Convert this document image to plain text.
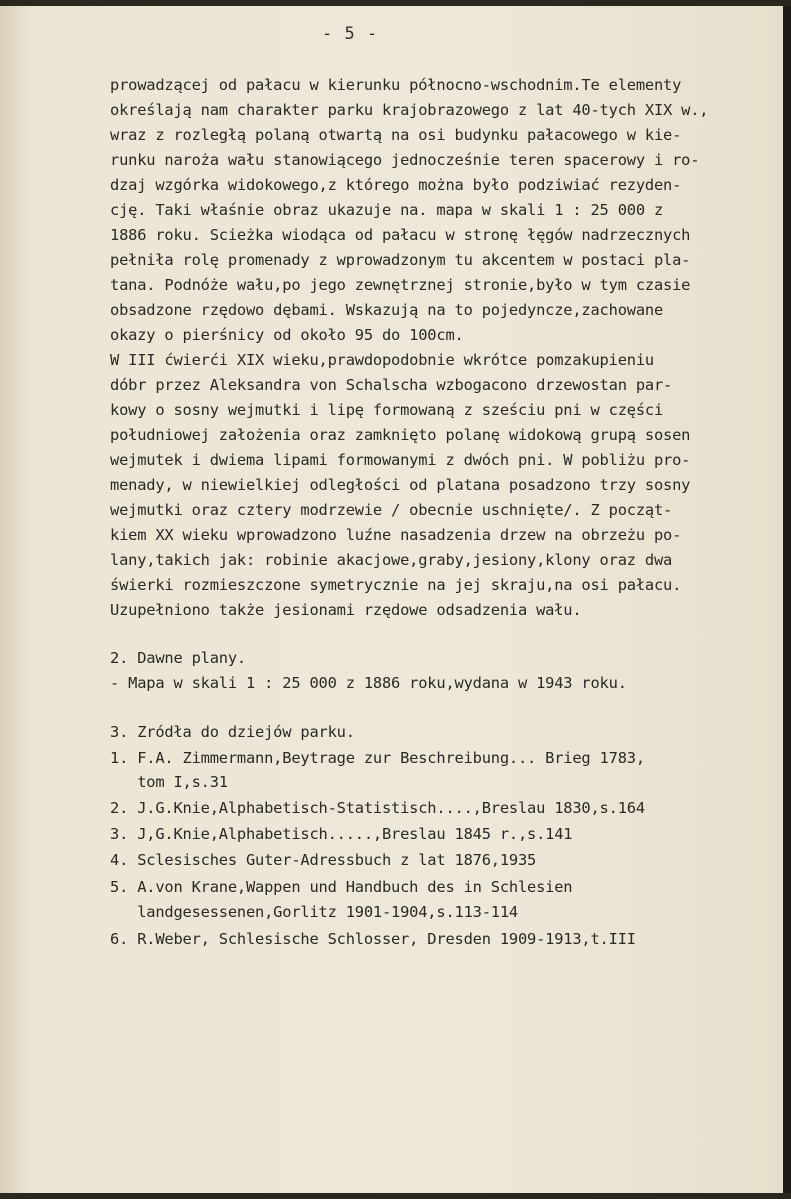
- 5 -
prowadzącej od pałacu w kierunku północno-wschodnim.Te elementy
określają nam charakter parku krajobrazowego z lat 40-tych XIX w.,
wraz z rozległą polaną otwartą na osi budynku pałacowego w kie-
runku naroża wału stanowiącego jednocześnie teren spacerowy i ro-
dzaj wzgórka widokowego,z którego można było podziwiać rezyden-
cję. Taki właśnie obraz ukazuje na. mapa w skali 1 : 25 000 z
1886 roku. Scieżka wiodąca od pałacu w stronę łęgów nadrzecznych
pełniła rolę promenady z wprowadzonym tu akcentem w postaci pla-
tana. Podnóże wału,po jego zewnętrznej stronie,było w tym czasie
obsadzone rzędowo dębami. Wskazują na to pojedyncze,zachowane
okazy o pierśnicy od około 95 do 100cm.
W III ćwierći XIX wieku,prawdopodobnie wkrótce pomzakupieniu
dóbr przez Aleksandra von Schalscha wzbogacono drzewostan par-
kowy o sosny wejmutki i lipę formowaną z sześciu pni w części
południowej założenia oraz zamknięto polanę widokową grupą sosen
wejmutek i dwiema lipami formowanymi z dwóch pni. W pobliżu pro-
menady, w niewielkiej odległości od platana posadzono trzy sosny
wejmutki oraz cztery modrzewie / obecnie uschnięte/. Z począt-
kiem XX wieku wprowadzono luźne nasadzenia drzew na obrzeżu po-
lany,takich jak: robinie akacjowe,graby,jesiony,klony oraz dwa
świerki rozmieszczone symetrycznie na jej skraju,na osi pałacu.
Uzupełniono także jesionami rzędowe odsadzenia wału.
2. Dawne plany.
- Mapa w skali 1 : 25 000 z 1886 roku,wydana w 1943 roku.
3. Zródła do dziejów parku.
1. F.A. Zimmermann,Beytrage zur Beschreibung... Brieg 1783,
tom I,s.31
2. J.G.Knie,Alphabetisch-Statistisch....,Breslau 1830,s.164
3. J,G.Knie,Alphabetisch.....,Breslau 1845 r.,s.141
4. Sclesisches Guter-Adressbuch z lat 1876,1935
5. A.von Krane,Wappen und Handbuch des in Schlesien
landgesessenen,Gorlitz 1901-1904,s.113-114
6. R.Weber, Schlesische Schlosser, Dresden 1909-1913,t.III
